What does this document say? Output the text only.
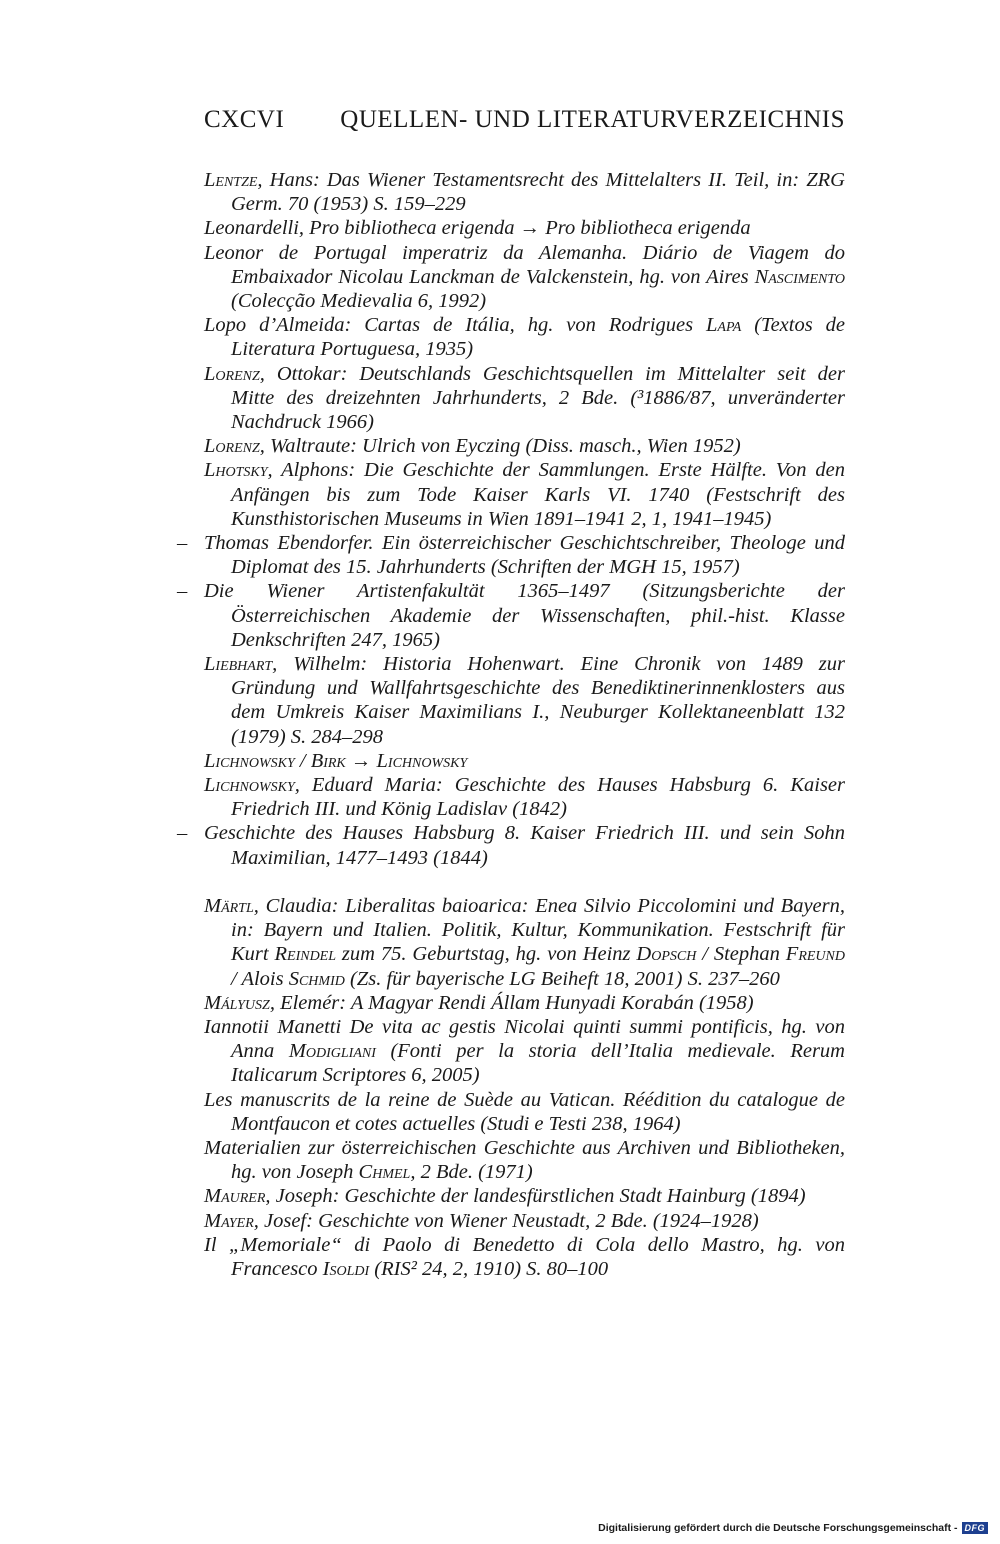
CXCVI QUELLEN- UND LITERATURVERZEICHNIS

Lentze, Hans: Das Wiener Testamentsrecht des Mittelalters II. Teil, in: ZRG Germ. 70 (1953) S. 159–229

Leonardelli, Pro bibliotheca erigenda → Pro bibliotheca erigenda

Leonor de Portugal imperatriz da Alemanha. Diário de Viagem do Embaixador Nicolau Lanckman de Valckenstein, hg. von Aires Nascimento (Colecção Medievalia 6, 1992)

Lopo d’Almeida: Cartas de Itália, hg. von Rodrigues Lapa (Textos de Literatura Portuguesa, 1935)

Lorenz, Ottokar: Deutschlands Geschichtsquellen im Mittelalter seit der Mitte des dreizehnten Jahrhunderts, 2 Bde. (³1886/87, unveränderter Nachdruck 1966)

Lorenz, Waltraute: Ulrich von Eyczing (Diss. masch., Wien 1952)

Lhotsky, Alphons: Die Geschichte der Sammlungen. Erste Hälfte. Von den Anfängen bis zum Tode Kaiser Karls VI. 1740 (Festschrift des Kunsthistorischen Museums in Wien 1891–1941 2, 1, 1941–1945)

– Thomas Ebendorfer. Ein österreichischer Geschichtschreiber, Theologe und Diplomat des 15. Jahrhunderts (Schriften der MGH 15, 1957)

– Die Wiener Artistenfakultät 1365–1497 (Sitzungsberichte der Österreichischen Akademie der Wissenschaften, phil.-hist. Klasse Denkschriften 247, 1965)

Liebhart, Wilhelm: Historia Hohenwart. Eine Chronik von 1489 zur Gründung und Wallfahrtsgeschichte des Benediktinerinnenklosters aus dem Umkreis Kaiser Maximilians I., Neuburger Kollektaneenblatt 132 (1979) S. 284–298

Lichnowsky / Birk → Lichnowsky

Lichnowsky, Eduard Maria: Geschichte des Hauses Habsburg 6. Kaiser Friedrich III. und König Ladislav (1842)

– Geschichte des Hauses Habsburg 8. Kaiser Friedrich III. und sein Sohn Maximilian, 1477–1493 (1844)

Märtl, Claudia: Liberalitas baioarica: Enea Silvio Piccolomini und Bayern, in: Bayern und Italien. Politik, Kultur, Kommunikation. Festschrift für Kurt Reindel zum 75. Geburtstag, hg. von Heinz Dopsch / Stephan Freund / Alois Schmid (Zs. für bayerische LG Beiheft 18, 2001) S. 237–260

Mályusz, Elemér: A Magyar Rendi Állam Hunyadi Korabán (1958)

Iannotii Manetti De vita ac gestis Nicolai quinti summi pontificis, hg. von Anna Modigliani (Fonti per la storia dell’Italia medievale. Rerum Italicarum Scriptores 6, 2005)

Les manuscrits de la reine de Suède au Vatican. Réédition du catalogue de Montfaucon et cotes actuelles (Studi e Testi 238, 1964)

Materialien zur österreichischen Geschichte aus Archiven und Bibliotheken, hg. von Joseph Chmel, 2 Bde. (1971)

Maurer, Joseph: Geschichte der landesfürstlichen Stadt Hainburg (1894)

Mayer, Josef: Geschichte von Wiener Neustadt, 2 Bde. (1924–1928)

Il „Memoriale“ di Paolo di Benedetto di Cola dello Mastro, hg. von Francesco Isoldi (RIS² 24, 2, 1910) S. 80–100

Digitalisierung gefördert durch die Deutsche Forschungsgemeinschaft - DFG
